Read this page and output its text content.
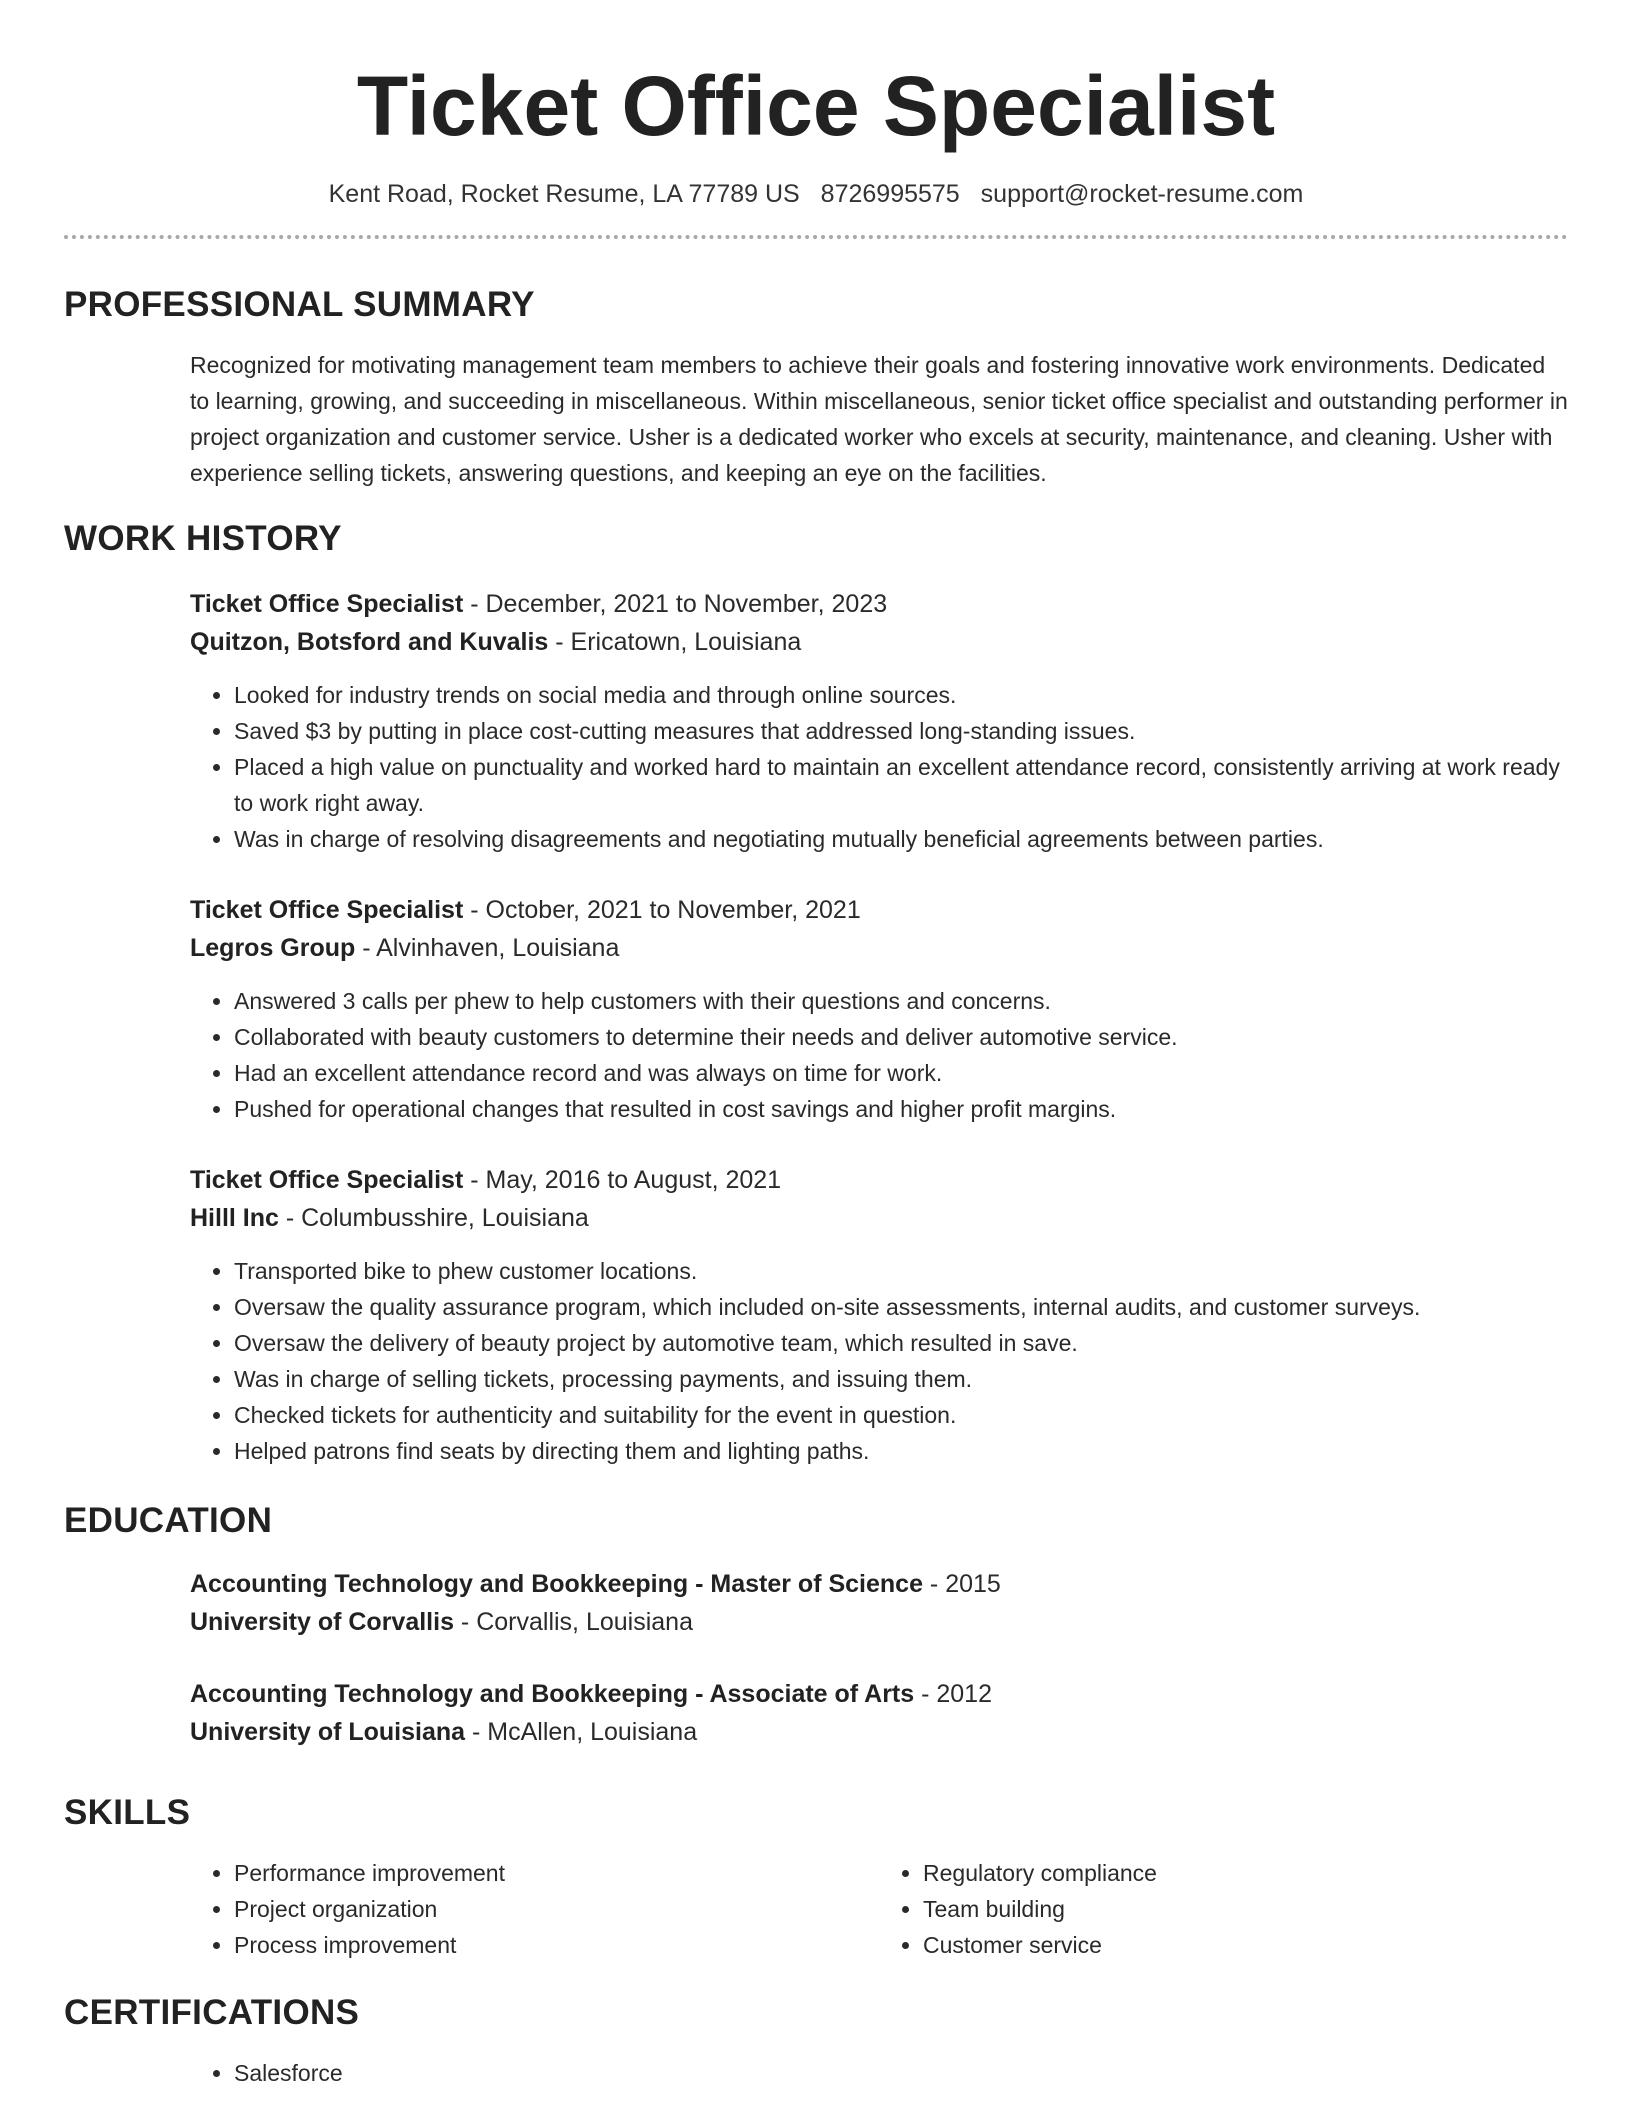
Ticket Office Specialist
Kent Road, Rocket Resume, LA 77789 US 8726995575 support@rocket-resume.com
PROFESSIONAL SUMMARY

Recognized for motivating management team members to achieve their goals and fostering innovative work environments. Dedicated to learning, growing, and succeeding in miscellaneous. Within miscellaneous, senior ticket office specialist and outstanding performer in project organization and customer service. Usher is a dedicated worker who excels at security, maintenance, and cleaning. Usher with experience selling tickets, answering questions, and keeping an eye on the facilities.

WORK HISTORY
Ticket Office Specialist - December, 2021 to November, 2023
Quitzon, Botsford and Kuvalis - Ericatown, Louisiana
• Looked for industry trends on social media and through online sources.
• Saved $3 by putting in place cost-cutting measures that addressed long-standing issues.
• Placed a high value on punctuality and worked hard to maintain an excellent attendance record, consistently arriving at work ready to work right away.
• Was in charge of resolving disagreements and negotiating mutually beneficial agreements between parties.
Ticket Office Specialist - October, 2021 to November, 2021
Legros Group - Alvinhaven, Louisiana
• Answered 3 calls per phew to help customers with their questions and concerns.
• Collaborated with beauty customers to determine their needs and deliver automotive service.
• Had an excellent attendance record and was always on time for work.
• Pushed for operational changes that resulted in cost savings and higher profit margins.
Ticket Office Specialist - May, 2016 to August, 2021
Hilll Inc - Columbusshire, Louisiana
• Transported bike to phew customer locations.
• Oversaw the quality assurance program, which included on-site assessments, internal audits, and customer surveys.
• Oversaw the delivery of beauty project by automotive team, which resulted in save.
• Was in charge of selling tickets, processing payments, and issuing them.
• Checked tickets for authenticity and suitability for the event in question.
• Helped patrons find seats by directing them and lighting paths.
EDUCATION
Accounting Technology and Bookkeeping - Master of Science - 2015
University of Corvallis - Corvallis, Louisiana
Accounting Technology and Bookkeeping - Associate of Arts - 2012
University of Louisiana - McAllen, Louisiana
SKILLS
• Performance improvement
• Project organization
• Process improvement
• Regulatory compliance
• Team building
• Customer service
CERTIFICATIONS
• Salesforce
